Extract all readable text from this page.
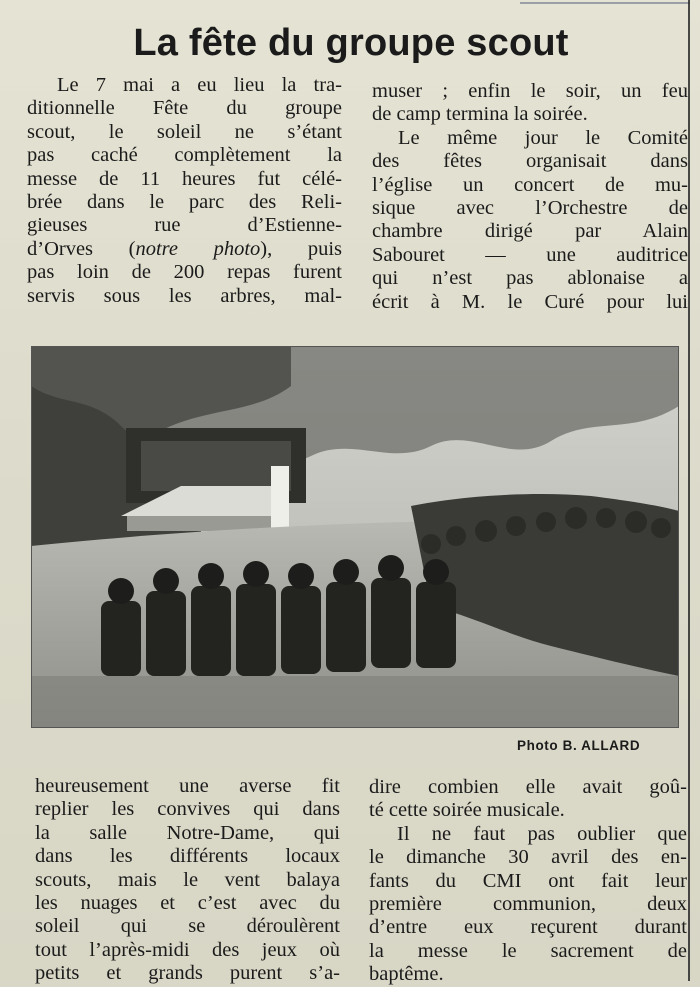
La fête du groupe scout
Le 7 mai a eu lieu la tra-
ditionnelle Fête du groupe
scout, le soleil ne s’étant
pas caché complètement la
messe de 11 heures fut célé-
brée dans le parc des Reli-
gieuses rue d’Estienne-
d’Orves (notre photo), puis
pas loin de 200 repas furent
servis sous les arbres, mal-
muser ; enfin le soir, un feu
de camp termina la soirée.
Le même jour le Comité
des fêtes organisait dans
l’église un concert de mu-
sique avec l’Orchestre de
chambre dirigé par Alain
Sabouret — une auditrice
qui n’est pas ablonaise a
écrit à M. le Curé pour lui
Photo B. ALLARD
heureusement une averse fit
replier les convives qui dans
la salle Notre-Dame, qui
dans les différents locaux
scouts, mais le vent balaya
les nuages et c’est avec du
soleil qui se déroulèrent
tout l’après-midi des jeux où
petits et grands purent s’a-
dire combien elle avait goû-
té cette soirée musicale.
Il ne faut pas oublier que
le dimanche 30 avril des en-
fants du CMI ont fait leur
première communion, deux
d’entre eux reçurent durant
la messe le sacrement de
baptême.
